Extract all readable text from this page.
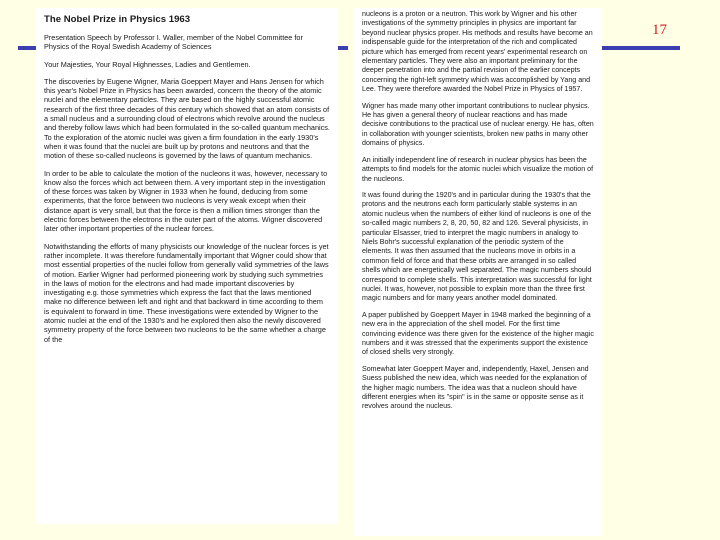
17
The Nobel Prize in Physics 1963

Presentation Speech by Professor I. Waller, member of the Nobel Committee for Physics of the Royal Swedish Academy of Sciences

Your Majesties, Your Royal Highnesses, Ladies and Gentlemen.

The discoveries by Eugene Wigner, Maria Goeppert Mayer and Hans Jensen for which this year's Nobel Prize in Physics has been awarded, concern the theory of the atomic nuclei and the elementary particles. They are based on the highly successful atomic research of the first three decades of this century which showed that an atom consists of a small nucleus and a surrounding cloud of electrons which revolve around the nucleus and thereby follow laws which had been formulated in the so-called quantum mechanics. To the exploration of the atomic nuclei was given a firm foundation in the early 1930's when it was found that the nuclei are built up by protons and neutrons and that the motion of these so-called nucleons is governed by the laws of quantum mechanics.

In order to be able to calculate the motion of the nucleons it was, however, necessary to know also the forces which act between them. A very important step in the investigation of these forces was taken by Wigner in 1933 when he found, deducing from some experiments, that the force between two nucleons is very weak except when their distance apart is very small, but that the force is then a million times stronger than the electric forces between the electrons in the outer part of the atoms. Wigner discovered later other important properties of the nuclear forces.

Notwithstanding the efforts of many physicists our knowledge of the nuclear forces is yet rather incomplete. It was therefore fundamentally important that Wigner could show that most essential properties of the nuclei follow from generally valid symmetries of the laws of motion. Earlier Wigner had performed pioneering work by studying such symmetries in the laws of motion for the electrons and had made important discoveries by investigating e.g. those symmetries which express the fact that the laws mentioned make no difference between left and right and that backward in time according to them is equivalent to forward in time. These investigations were extended by Wigner to the atomic nuclei at the end of the 1930's and he explored then also the newly discovered symmetry property of the force between two nucleons to be the same whether a charge of the

nucleons is a proton or a neutron. This work by Wigner and his other investigations of the symmetry principles in physics are important far beyond nuclear physics proper. His methods and results have become an indispensable guide for the interpretation of the rich and complicated picture which has emerged from recent years' experimental research on elementary particles. They were also an important preliminary for the deeper penetration into and the partial revision of the earlier concepts concerning the right-left symmetry which was accomplished by Yang and Lee. They were therefore awarded the Nobel Prize in Physics of 1957.

Wigner has made many other important contributions to nuclear physics. He has given a general theory of nuclear reactions and has made decisive contributions to the practical use of nuclear energy. He has, often in collaboration with younger scientists, broken new paths in many other domains of physics.

An initially independent line of research in nuclear physics has been the attempts to find models for the atomic nuclei which visualize the motion of the nucleons.

It was found during the 1920's and in particular during the 1930's that the protons and the neutrons each form particularly stable systems in an atomic nucleus when the numbers of either kind of nucleons is one of the so-called magic numbers 2, 8, 20, 50, 82 and 126. Several physicists, in particular Elsasser, tried to interpret the magic numbers in analogy to Niels Bohr's successful explanation of the periodic system of the elements. It was then assumed that the nucleons move in orbits in a common field of force and that these orbits are arranged in so called shells which are energetically well separated. The magic numbers should correspond to complete shells. This interpretation was successful for light nuclei. It was, however, not possible to explain more than the three first magic numbers and for many years another model dominated.

A paper published by Goeppert Mayer in 1948 marked the beginning of a new era in the appreciation of the shell model. For the first time convincing evidence was there given for the existence of the higher magic numbers and it was stressed that the experiments support the existence of closed shells very strongly.

Somewhat later Goeppert Mayer and, independently, Haxel, Jensen and Suess published the new idea, which was needed for the explanation of the higher magic numbers. The idea was that a nucleon should have different energies when its "spin" is in the same or opposite sense as it revolves around the nucleus.
